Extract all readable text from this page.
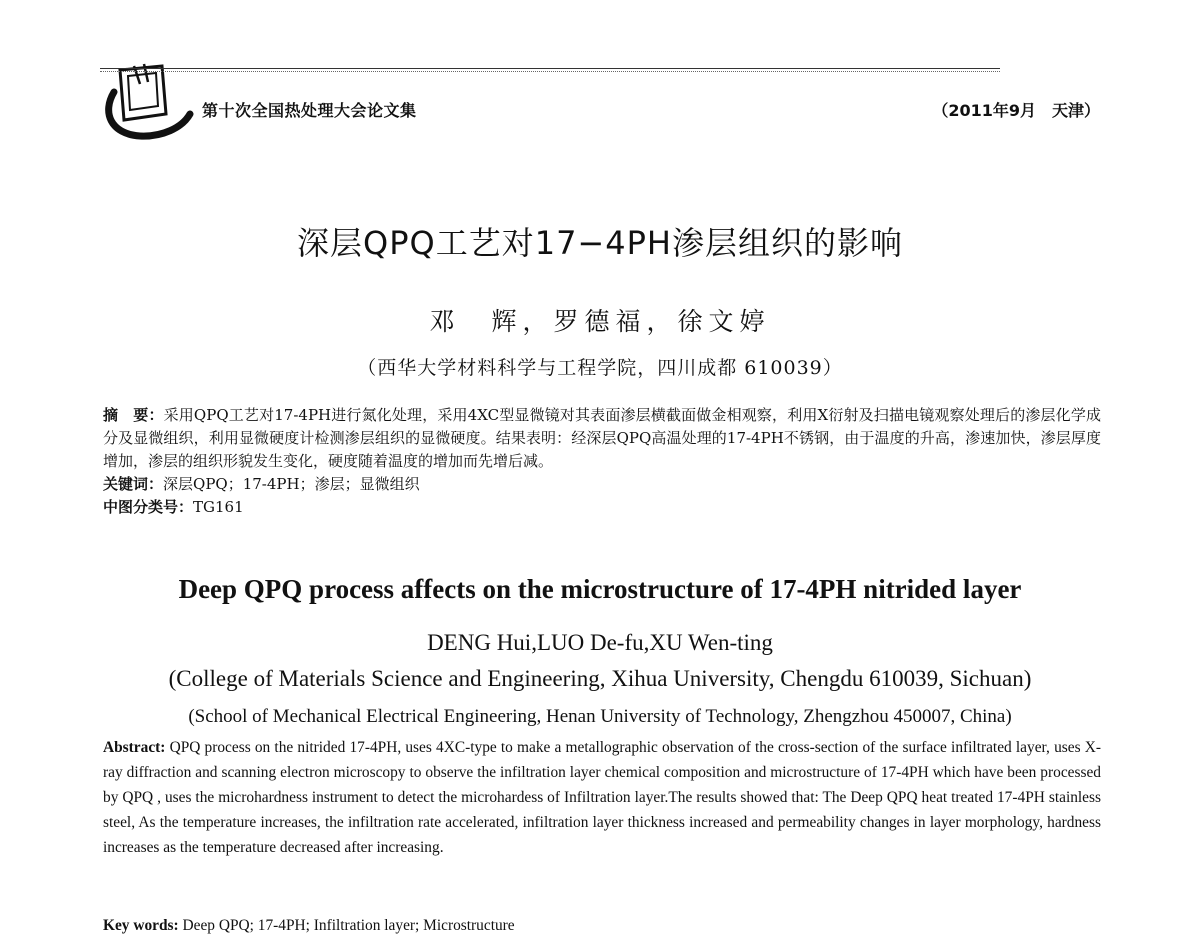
第十次全国热处理大会论文集	（2011年9月　天津）
深层QPQ工艺对17−4PH渗层组织的影响
邓　辉，罗德福，徐文婷
（西华大学材料科学与工程学院，四川成都 610039）

摘　要：采用QPQ工艺对17-4PH进行氮化处理，采用4XC型显微镜对其表面渗层横截面做金相观察，利用X衍射及扫描电镜观察处理后的渗层化学成分及显微组织，利用显微硬度计检测渗层组织的显微硬度。结果表明：经深层QPQ高温处理的17-4PH不锈钢，由于温度的升高，渗速加快，渗层厚度增加，渗层的组织形貌发生变化，硬度随着温度的增加而先增后减。

关键词：深层QPQ；17-4PH；渗层；显微组织

中图分类号：TG161

Deep QPQ process affects on the microstructure of 17-4PH nitrided layer
DENG Hui,LUO De-fu,XU Wen-ting
(College of Materials Science and Engineering, Xihua University, Chengdu 610039, Sichuan)
(School of Mechanical Electrical Engineering, Henan University of Technology, Zhengzhou 450007, China)
Abstract: QPQ process on the nitrided 17-4PH, uses 4XC-type to make a metallographic observation of the cross-section of the surface infiltrated layer, uses X-ray diffraction and scanning electron microscopy to observe the infiltration layer chemical composition and microstructure of 17-4PH which have been processed by QPQ , uses the microhardness instrument to detect the microhardess of Infiltration layer.The results showed that: The Deep QPQ heat treated 17-4PH stainless steel, As the temperature increases, the infiltration rate accelerated, infiltration layer thickness increased and permeability changes in layer morphology, hardness increases as the temperature decreased after increasing.
Key words: Deep QPQ; 17-4PH; Infiltration layer; Microstructure
